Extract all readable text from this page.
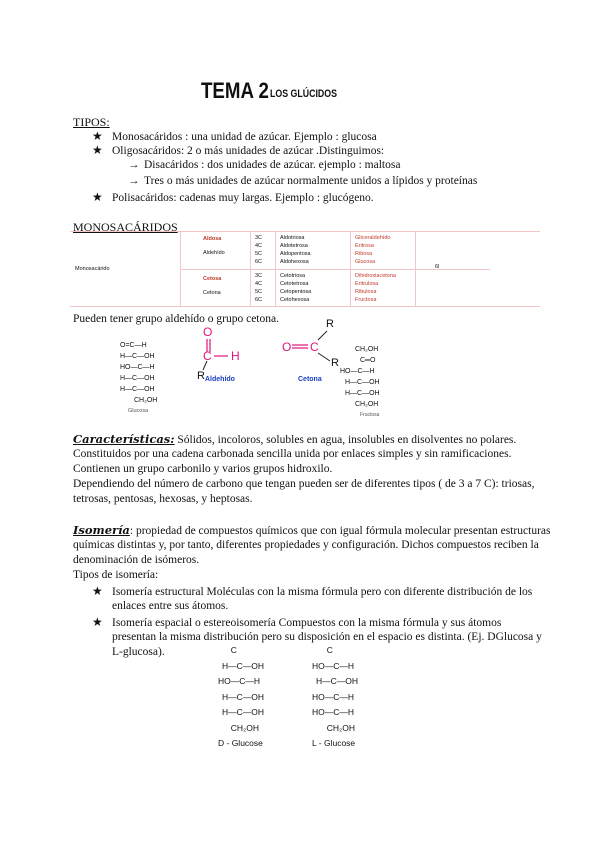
TEMA 2 LOS GLÚCIDOS
TIPOS:
★ Monosacáridos : una unidad de azúcar. Ejemplo : glucosa
★ Oligosacáridos: 2 o más unidades de azúcar .Distinguimos:
→ Disacáridos : dos unidades de azúcar. ejemplo : maltosa
→ Tres o más unidades de azúcar normalmente unidos a lípidos y proteínas
★ Polisacáridos: cadenas muy largas. Ejemplo : glucógeno.
MONOSACÁRIDOS
Monosacárido	6l
Aldosa
Aldehído
3C
4C
5C
6C
Aldotriosa
Aldotetrosa
Aldopentosa
Aldohexosa
Gliceraldehído
Eritrosa
Ribosa
Glucosa
Cetosa
Cetona
3C
4C
5C
6C
Cetotriosa
Cetotetrosa
Cetopentosa
Cetohexosa
Dihidroxiacetona
Eritrulosa
Ribulosa
Fructosa
Pueden tener grupo aldehído o grupo cetona.
O=C—H
H—C—OH
HO—C—H
H—C—OH
H—C—OH
CH₂OH
Glucosa
O
C H
R Aldehído
O C
R
R
Cetona
CH₂OH
C═O
HO—C—H
H—C—OH
H—C—OH
CH₂OH
Fructosa
Características: Sólidos, incoloros, solubles en agua, insolubles en disolventes no polares.
Constituidos por una cadena carbonada sencilla unida por enlaces simples y sin ramificaciones.
Contienen un grupo carbonilo y varios grupos hidroxilo.
Dependiendo del número de carbono que tengan pueden ser de diferentes tipos ( de 3 a 7 C): triosas,
tetrosas, pentosas, hexosas, y heptosas.
Isomería: propiedad de compuestos químicos que con igual fórmula molecular presentan estructuras
químicas distintas y, por tanto, diferentes propiedades y configuración. Dichos compuestos reciben la
denominación de isómeros.
Tipos de isomería:
★ Isomería estructural Moléculas con la misma fórmula pero con diferente distribución de los
enlaces entre sus átomos.
★ Isomería espacial o estereoisomería Compuestos con la misma fórmula y sus átomos
presentan la misma distribución pero su disposición en el espacio es distinta. (Ej. DGlucosa y
L-glucosa).	C
H—C—OH
HO—C—H
H—C—OH
H—C—OH
CH₂OH
D - Glucose
C
HO—C—H
H—C—OH
HO—C—H
HO—C—H
CH₂OH
L - Glucose
